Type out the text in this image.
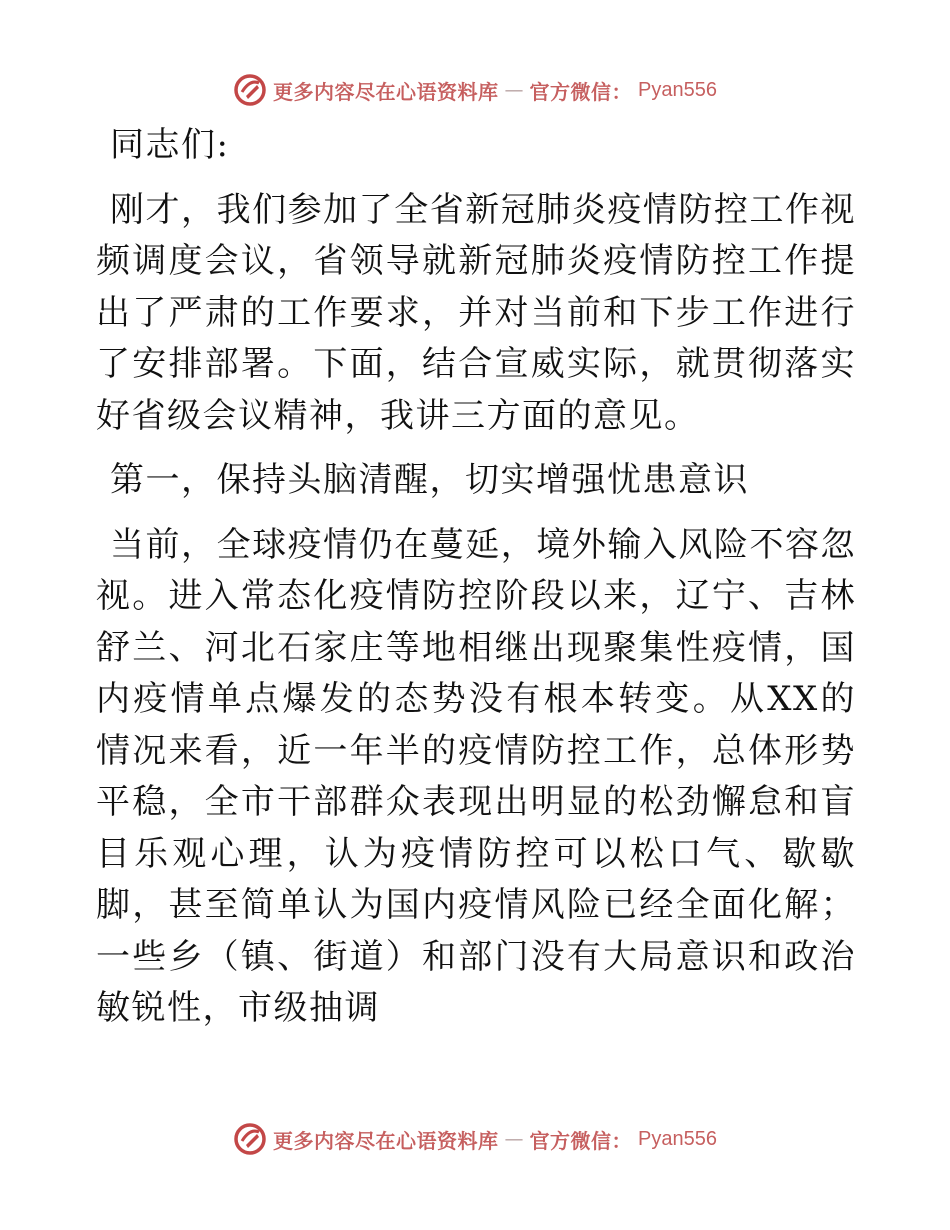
更多内容尽在心语资料库 — 官方微信： Pyan556

同志们:

刚才，我们参加了全省新冠肺炎疫情防控工作视频调度会议，省领导就新冠肺炎疫情防控工作提出了严肃的工作要求，并对当前和下步工作进行了安排部署。下面，结合宣威实际，就贯彻落实好省级会议精神，我讲三方面的意见。

第一，保持头脑清醒，切实增强忧患意识

当前，全球疫情仍在蔓延，境外输入风险不容忽视。进入常态化疫情防控阶段以来，辽宁、吉林舒兰、河北石家庄等地相继出现聚集性疫情，国内疫情单点爆发的态势没有根本转变。从XX的情况来看，近一年半的疫情防控工作，总体形势平稳，全市干部群众表现出明显的松劲懈怠和盲目乐观心理，认为疫情防控可以松口气、歇歇脚，甚至简单认为国内疫情风险已经全面化解；一些乡（镇、街道）和部门没有大局意识和政治敏锐性，市级抽调

更多内容尽在心语资料库 — 官方微信： Pyan556
